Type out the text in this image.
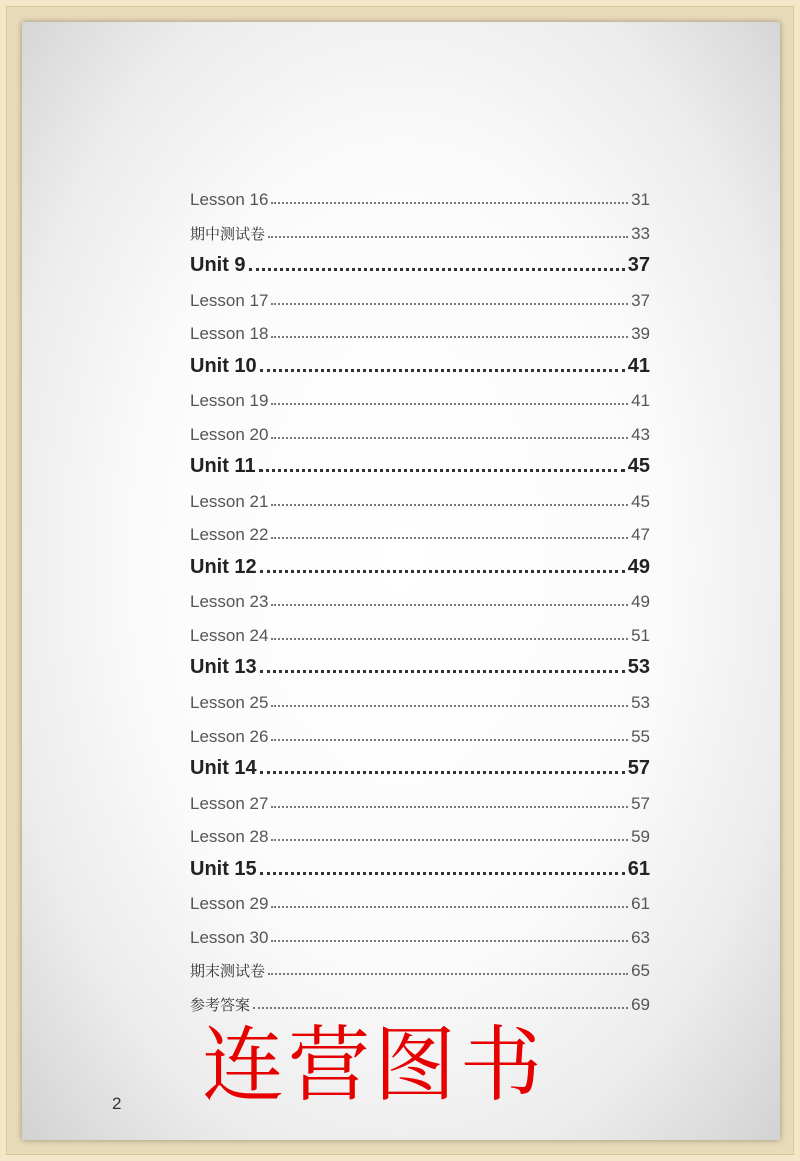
Lesson 16	31
期中测试卷	33
Unit 9	37
Lesson 17	37
Lesson 18	39
Unit 10	41
Lesson 19	41
Lesson 20	43
Unit 11	45
Lesson 21	45
Lesson 22	47
Unit 12	49
Lesson 23	49
Lesson 24	51
Unit 13	53
Lesson 25	53
Lesson 26	55
Unit 14	57
Lesson 27	57
Lesson 28	59
Unit 15	61
Lesson 29	61
Lesson 30	63
期末测试卷	65
参考答案	69
连营图书
2
